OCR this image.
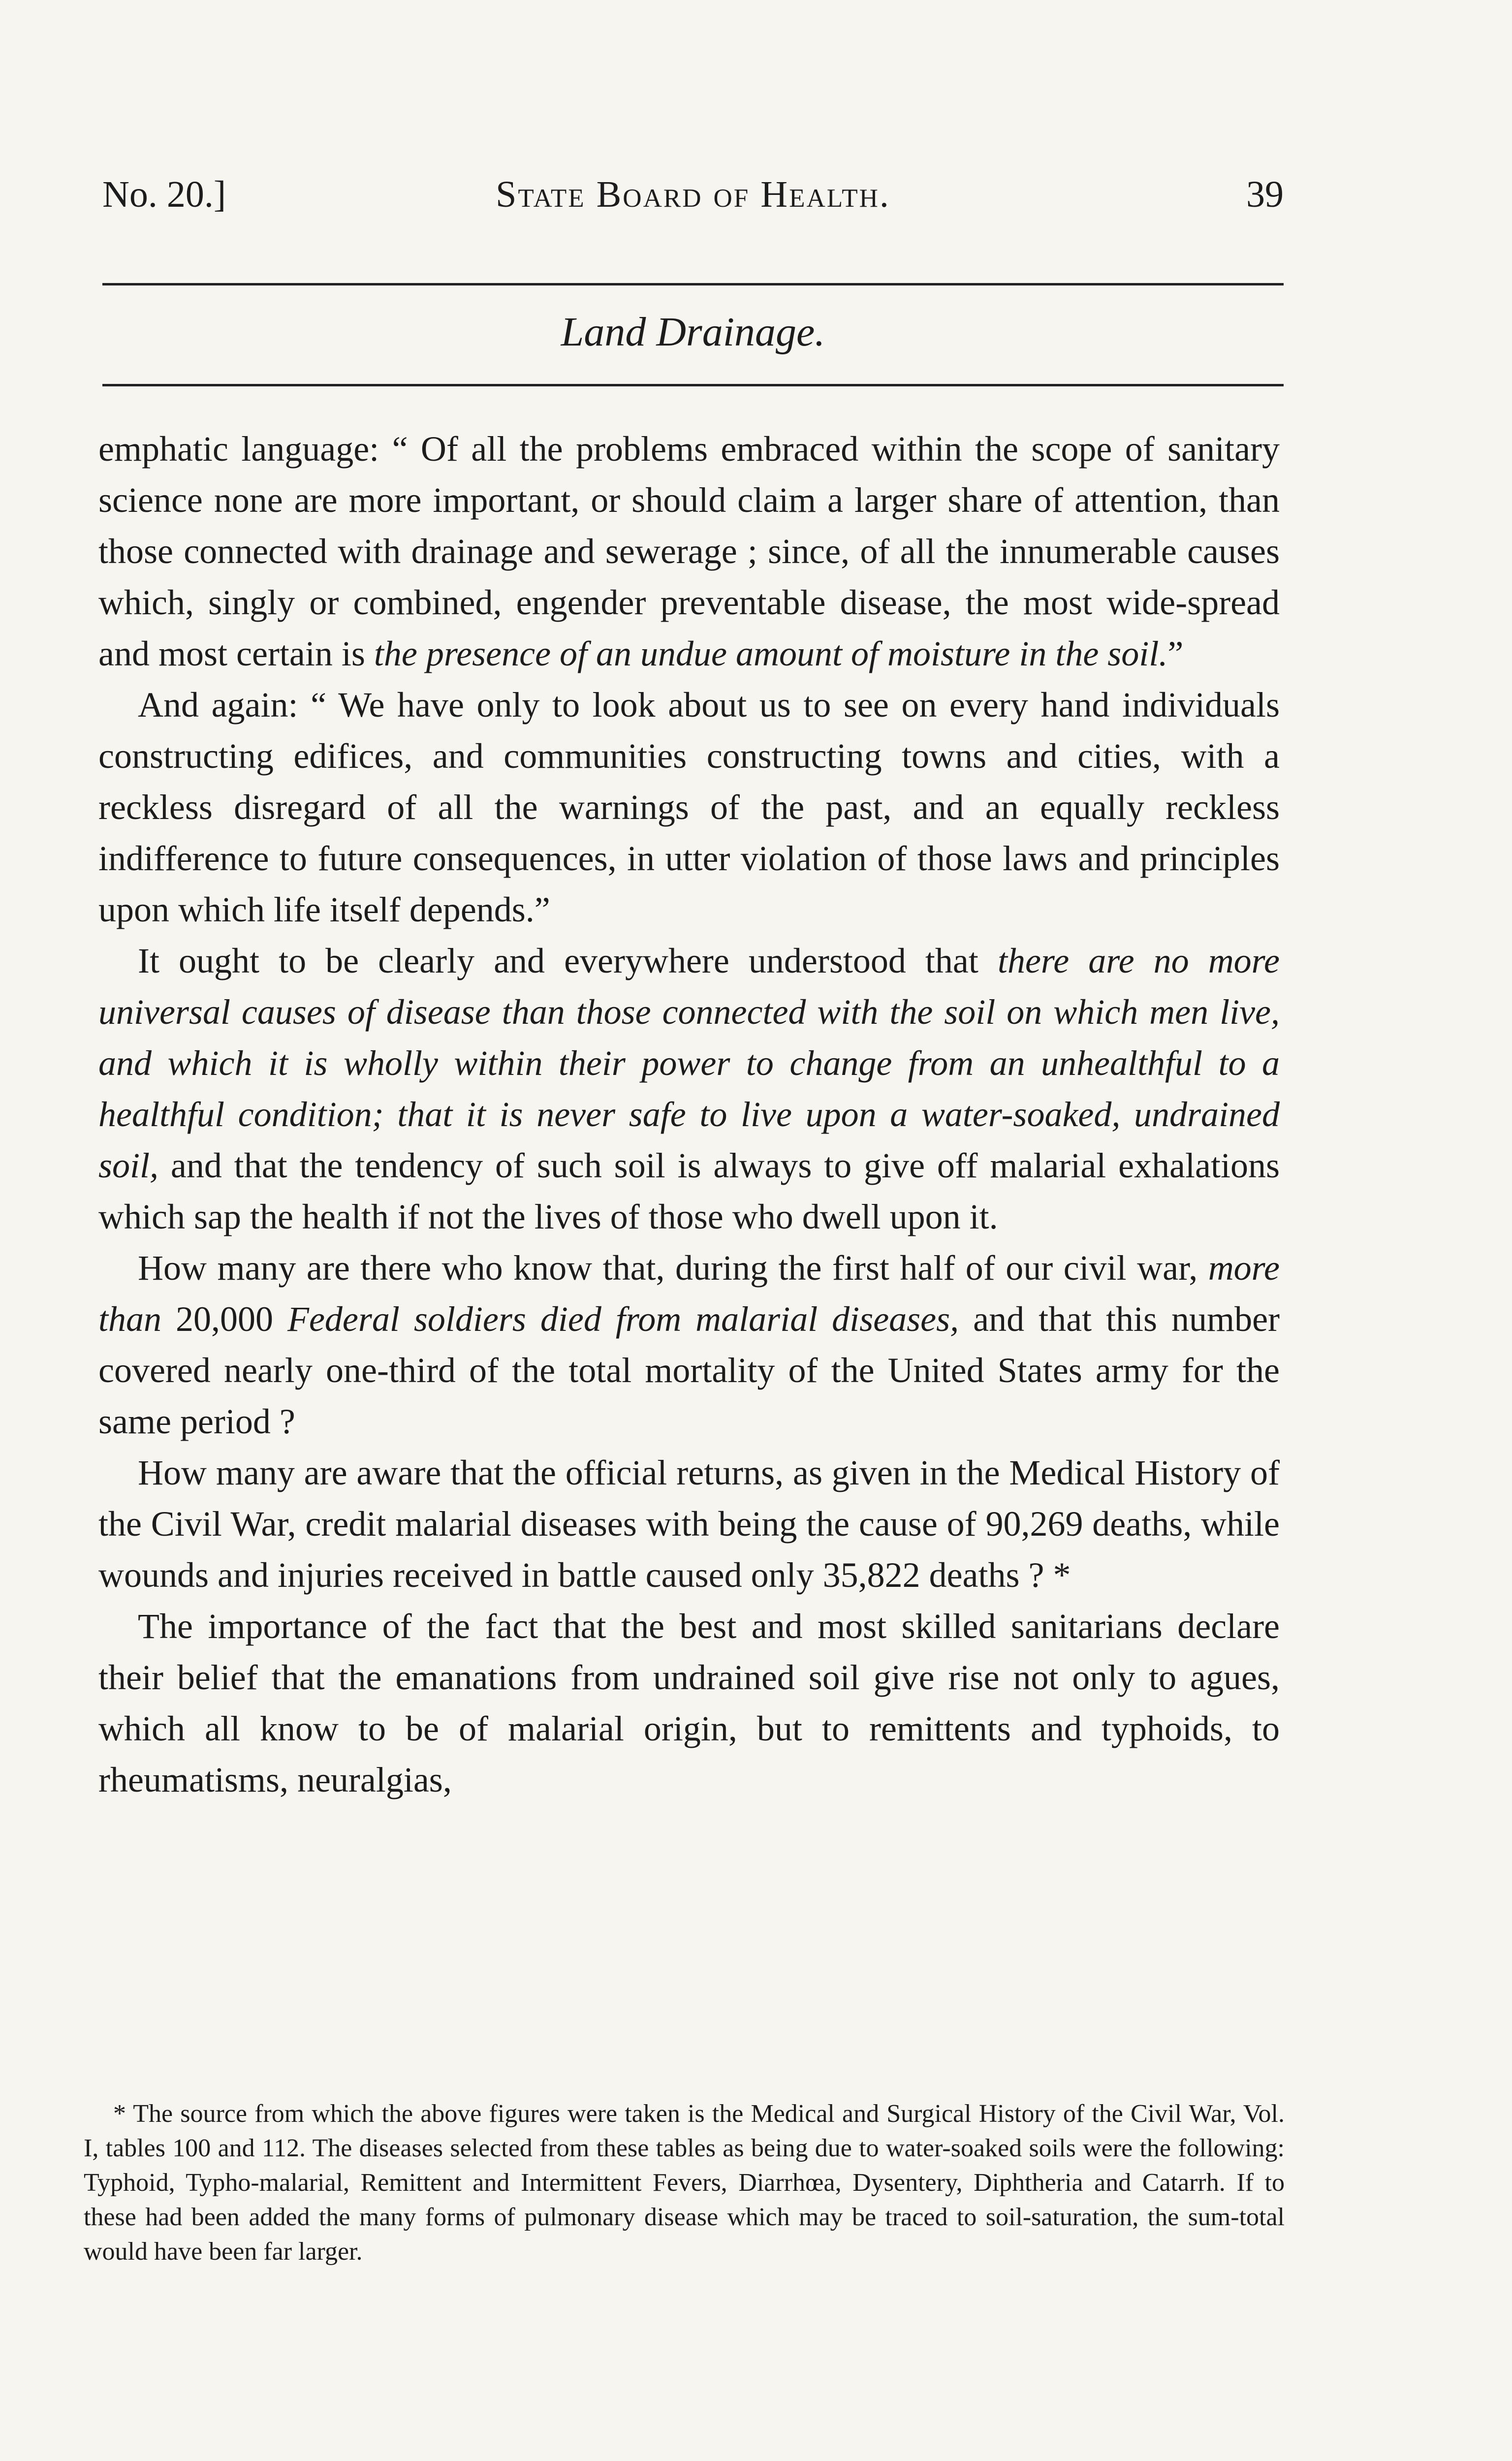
No. 20.]	State Board of Health.	39
Land Drainage.

emphatic language: “ Of all the problems embraced within the scope of sanitary science none are more important, or should claim a larger share of attention, than those connected with drainage and sewerage ; since, of all the innumerable causes which, singly or combined, engender preventable disease, the most wide-spread and most certain is the presence of an undue amount of moisture in the soil.”

And again: “ We have only to look about us to see on every hand individuals constructing edifices, and communities constructing towns and cities, with a reckless disregard of all the warnings of the past, and an equally reckless indifference to future consequences, in utter violation of those laws and principles upon which life itself depends.”

It ought to be clearly and everywhere understood that there are no more universal causes of disease than those connected with the soil on which men live, and which it is wholly within their power to change from an unhealthful to a healthful condition; that it is never safe to live upon a water-soaked, undrained soil, and that the tendency of such soil is always to give off malarial exhalations which sap the health if not the lives of those who dwell upon it.

How many are there who know that, during the first half of our civil war, more than 20,000 Federal soldiers died from malarial diseases, and that this number covered nearly one-third of the total mortality of the United States army for the same period ?

How many are aware that the official returns, as given in the Medical History of the Civil War, credit malarial diseases with being the cause of 90,269 deaths, while wounds and injuries received in battle caused only 35,822 deaths ? *

The importance of the fact that the best and most skilled sanitarians declare their belief that the emanations from undrained soil give rise not only to agues, which all know to be of malarial origin, but to remittents and typhoids, to rheumatisms, neuralgias,

* The source from which the above figures were taken is the Medical and Surgical History of the Civil War, Vol. I, tables 100 and 112. The diseases selected from these tables as being due to water-soaked soils were the following: Typhoid, Typho-malarial, Remittent and Intermittent Fevers, Diarrhœa, Dysentery, Diphtheria and Catarrh. If to these had been added the many forms of pulmonary disease which may be traced to soil-saturation, the sum-total would have been far larger.
